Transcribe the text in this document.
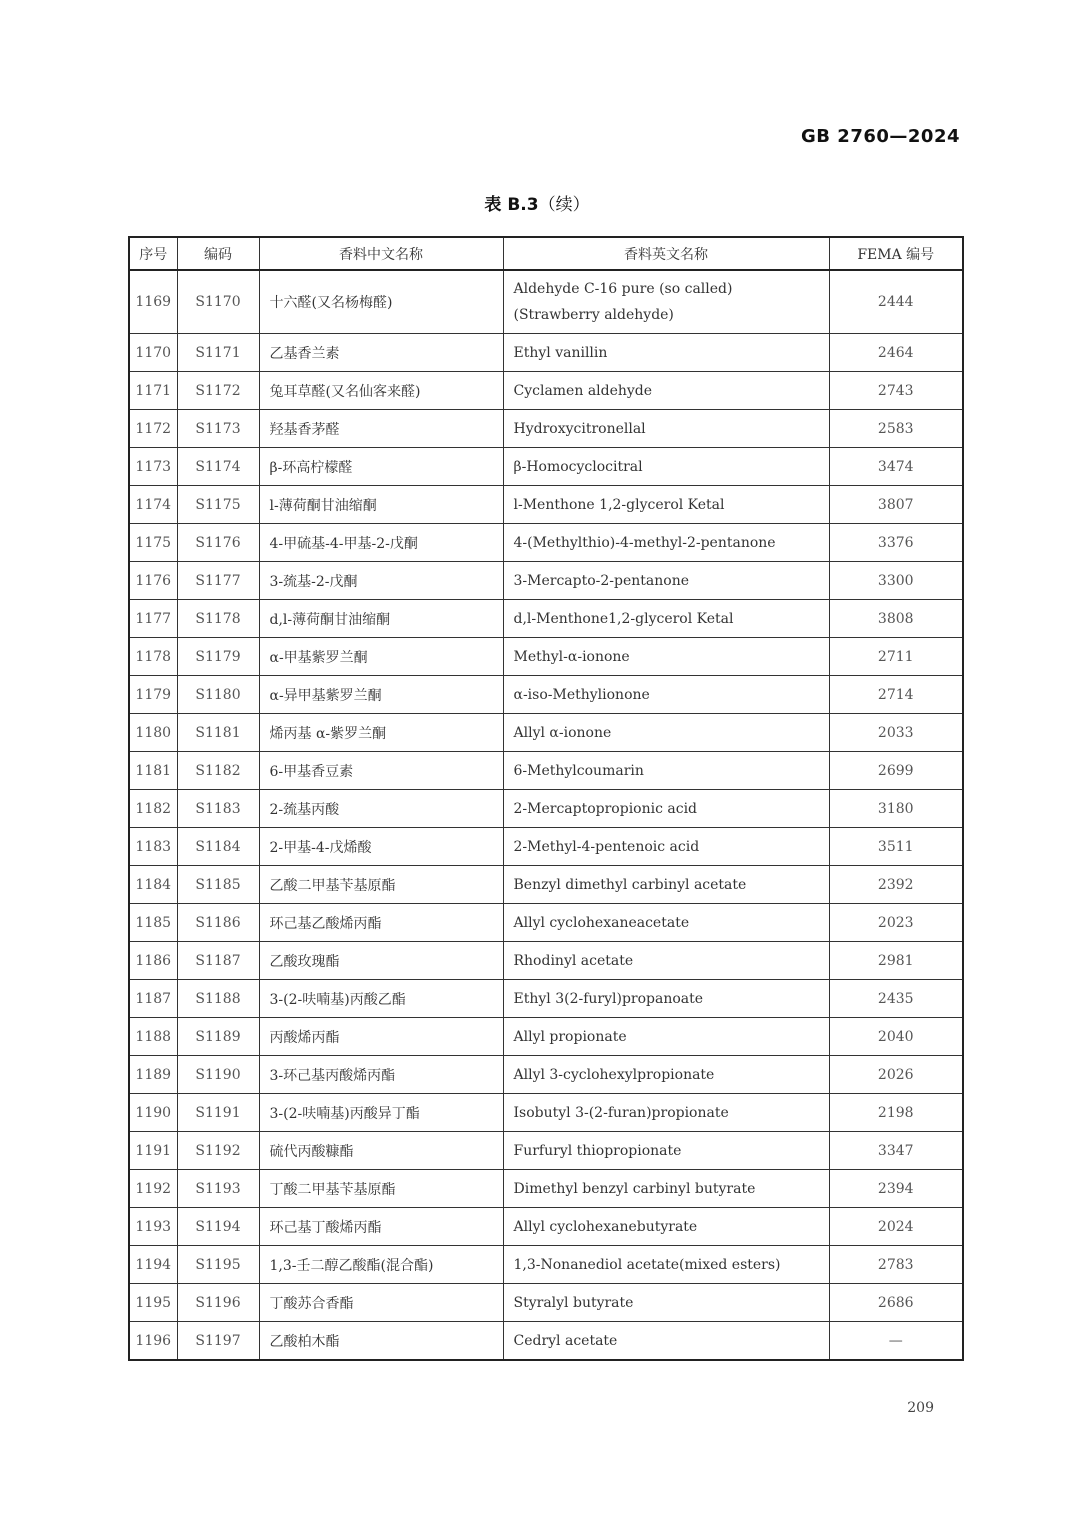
GB 2760—2024
表 B.3（续）
序号	编码	香料中文名称	香料英文名称	FEMA 编号
1169	S1170	十六醛(又名杨梅醛)	Aldehyde C-16 pure (so called) (Strawberry aldehyde)	2444
1170	S1171	乙基香兰素	Ethyl vanillin	2464
1171	S1172	兔耳草醛(又名仙客来醛)	Cyclamen aldehyde	2743
1172	S1173	羟基香茅醛	Hydroxycitronellal	2583
1173	S1174	β-环高柠檬醛	β-Homocyclocitral	3474
1174	S1175	l-薄荷酮甘油缩酮	l-Menthone 1,2-glycerol Ketal	3807
1175	S1176	4-甲硫基-4-甲基-2-戊酮	4-(Methylthio)-4-methyl-2-pentanone	3376
1176	S1177	3-巯基-2-戊酮	3-Mercapto-2-pentanone	3300
1177	S1178	d,l-薄荷酮甘油缩酮	d,l-Menthone1,2-glycerol Ketal	3808
1178	S1179	α-甲基紫罗兰酮	Methyl-α-ionone	2711
1179	S1180	α-异甲基紫罗兰酮	α-iso-Methylionone	2714
1180	S1181	烯丙基 α-紫罗兰酮	Allyl α-ionone	2033
1181	S1182	6-甲基香豆素	6-Methylcoumarin	2699
1182	S1183	2-巯基丙酸	2-Mercaptopropionic acid	3180
1183	S1184	2-甲基-4-戊烯酸	2-Methyl-4-pentenoic acid	3511
1184	S1185	乙酸二甲基苄基原酯	Benzyl dimethyl carbinyl acetate	2392
1185	S1186	环己基乙酸烯丙酯	Allyl cyclohexaneacetate	2023
1186	S1187	乙酸玫瑰酯	Rhodinyl acetate	2981
1187	S1188	3-(2-呋喃基)丙酸乙酯	Ethyl 3(2-furyl)propanoate	2435
1188	S1189	丙酸烯丙酯	Allyl propionate	2040
1189	S1190	3-环己基丙酸烯丙酯	Allyl 3-cyclohexylpropionate	2026
1190	S1191	3-(2-呋喃基)丙酸异丁酯	Isobutyl 3-(2-furan)propionate	2198
1191	S1192	硫代丙酸糠酯	Furfuryl thiopropionate	3347
1192	S1193	丁酸二甲基苄基原酯	Dimethyl benzyl carbinyl butyrate	2394
1193	S1194	环己基丁酸烯丙酯	Allyl cyclohexanebutyrate	2024
1194	S1195	1,3-壬二醇乙酸酯(混合酯)	1,3-Nonanediol acetate(mixed esters)	2783
1195	S1196	丁酸苏合香酯	Styralyl butyrate	2686
1196	S1197	乙酸柏木酯	Cedryl acetate	—
209
